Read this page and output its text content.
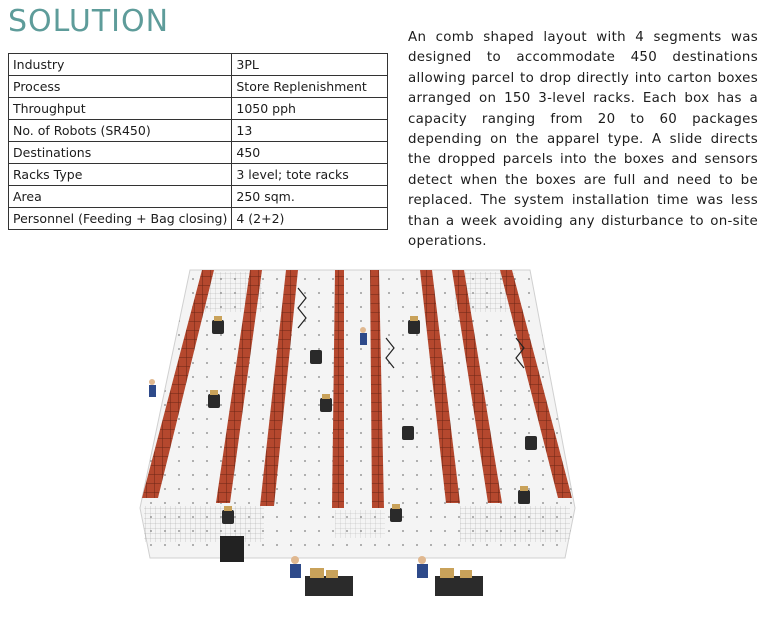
SOLUTION
Industry	3PL
Process	Store Replenishment
Throughput	1050 pph
No. of Robots (SR450)	13
Destinations	450
Racks Type	3 level; tote racks
Area	250 sqm.
Personnel (Feeding + Bag closing)	4 (2+2)

An comb shaped layout with 4 segments was designed to accommodate 450 destinations allowing parcel to drop directly into carton boxes arranged on 150 3-level racks. Each box has a capacity ranging from 20 to 60 packages depending on the apparel type. A slide directs the dropped parcels into the boxes and sensors detect when the boxes are full and need to be replaced. The system installation time was less than a week avoiding any disturbance to on-site operations.
